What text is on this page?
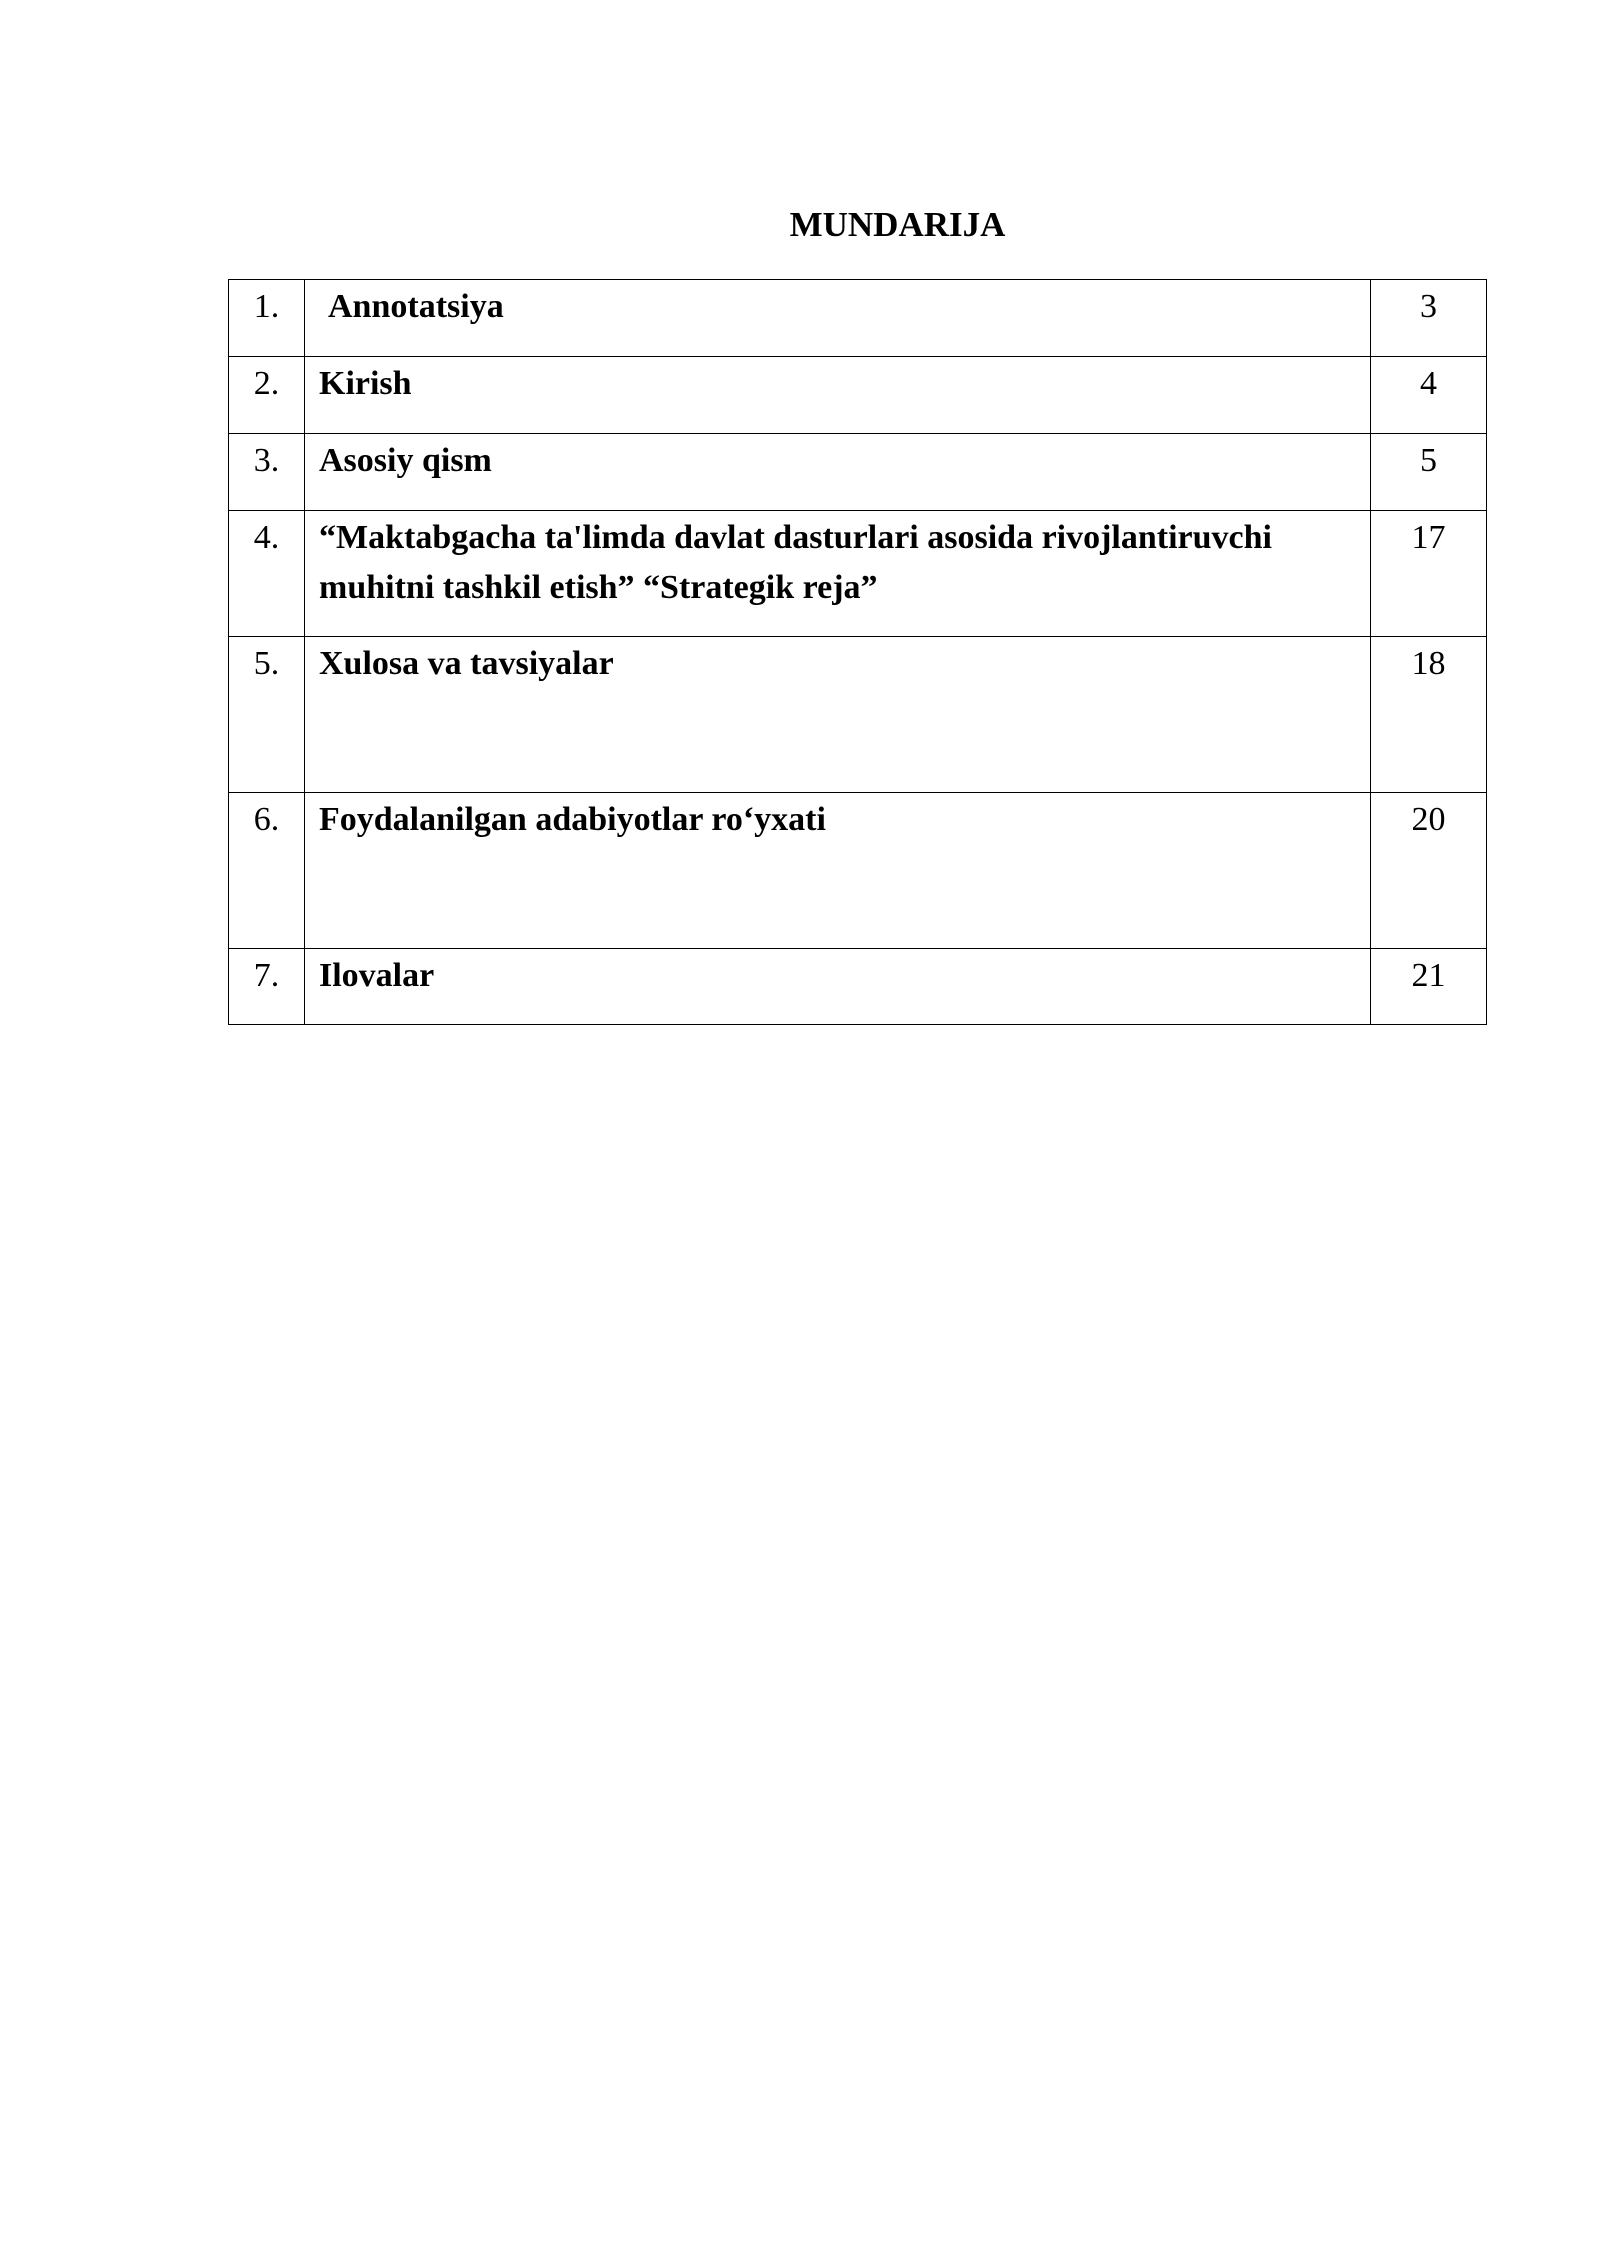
MUNDARIJA
1.	Annotatsiya	3

2.	Kirish	4

3.	Asosiy qism	5

4.	“Maktabgacha ta'limda davlat dasturlari asosida rivojlantiruvchi muhitni tashkil etish” “Strategik reja”	17

5.	Xulosa va tavsiyalar	18

6.	Foydalanilgan adabiyotlar ro‘yxati	20

7.	Ilovalar	21
